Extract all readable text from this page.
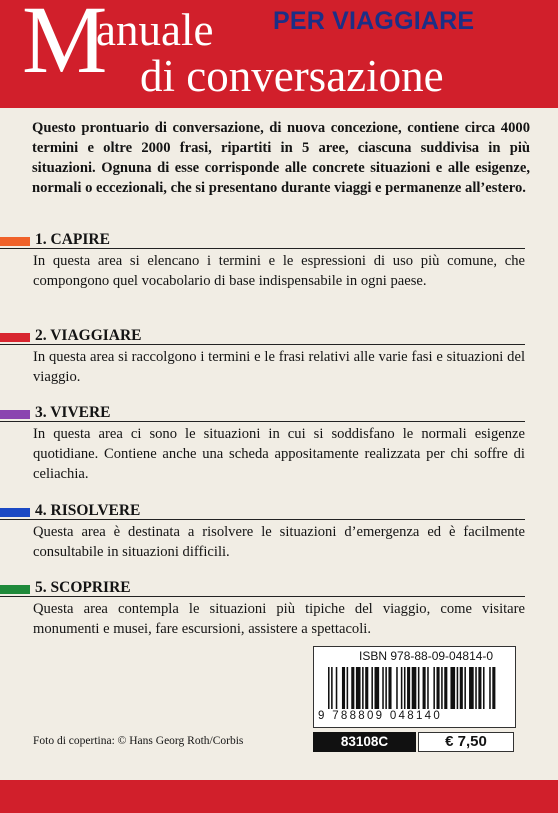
M
anuale PER VIAGGIARE
di conversazione
Questo prontuario di conversazione, di nuova concezione, contiene circa 4000 termini e oltre 2000 frasi, ripartiti in 5 aree, ciascuna suddivisa in più situazioni. Ognuna di esse corrisponde alle concrete situazioni e alle esigenze, normali o eccezionali, che si presentano durante viaggi e permanenze all’estero.
1. CAPIRE
In questa area si elencano i termini e le espressioni di uso più comune, che compongono quel vocabolario di base indispensabile in ogni paese.
2. VIAGGIARE
In questa area si raccolgono i termini e le frasi relativi alle varie fasi e situazioni del viaggio.
3. VIVERE
In questa area ci sono le situazioni in cui si soddisfano le normali esigenze quotidiane. Contiene anche una scheda appositamente realizzata per chi soffre di celiachia.
4. RISOLVERE
Questa area è destinata a risolvere le situazioni d’emergenza ed è facilmente consultabile in situazioni difficili.
5. SCOPRIRE
Questa area contempla le situazioni più tipiche del viaggio, come visitare monumenti e musei, fare escursioni, assistere a spettacoli.
ISBN 978-88-09-04814-0
9 788809 048140
Foto di copertina: © Hans Georg Roth/Corbis	83108C	€ 7,50
